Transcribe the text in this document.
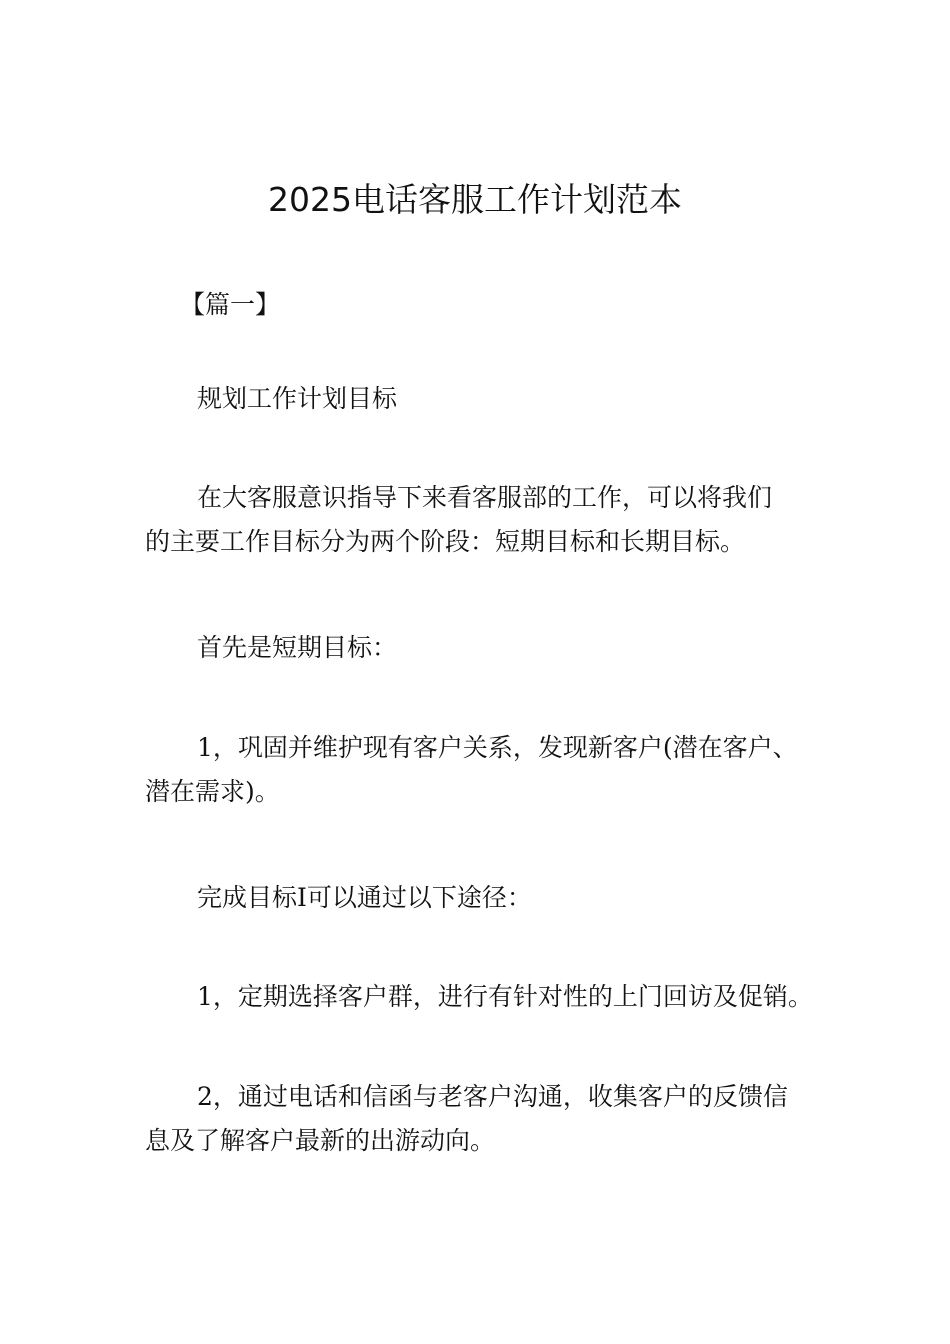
2025电话客服工作计划范本

【篇一】

规划工作计划目标

在大客服意识指导下来看客服部的工作，可以将我们
的主要工作目标分为两个阶段：短期目标和长期目标。

首先是短期目标：

1，巩固并维护现有客户关系，发现新客户(潜在客户、
潜在需求)。

完成目标I可以通过以下途径：

1，定期选择客户群，进行有针对性的上门回访及促销。

2，通过电话和信函与老客户沟通，收集客户的反馈信
息及了解客户最新的出游动向。
